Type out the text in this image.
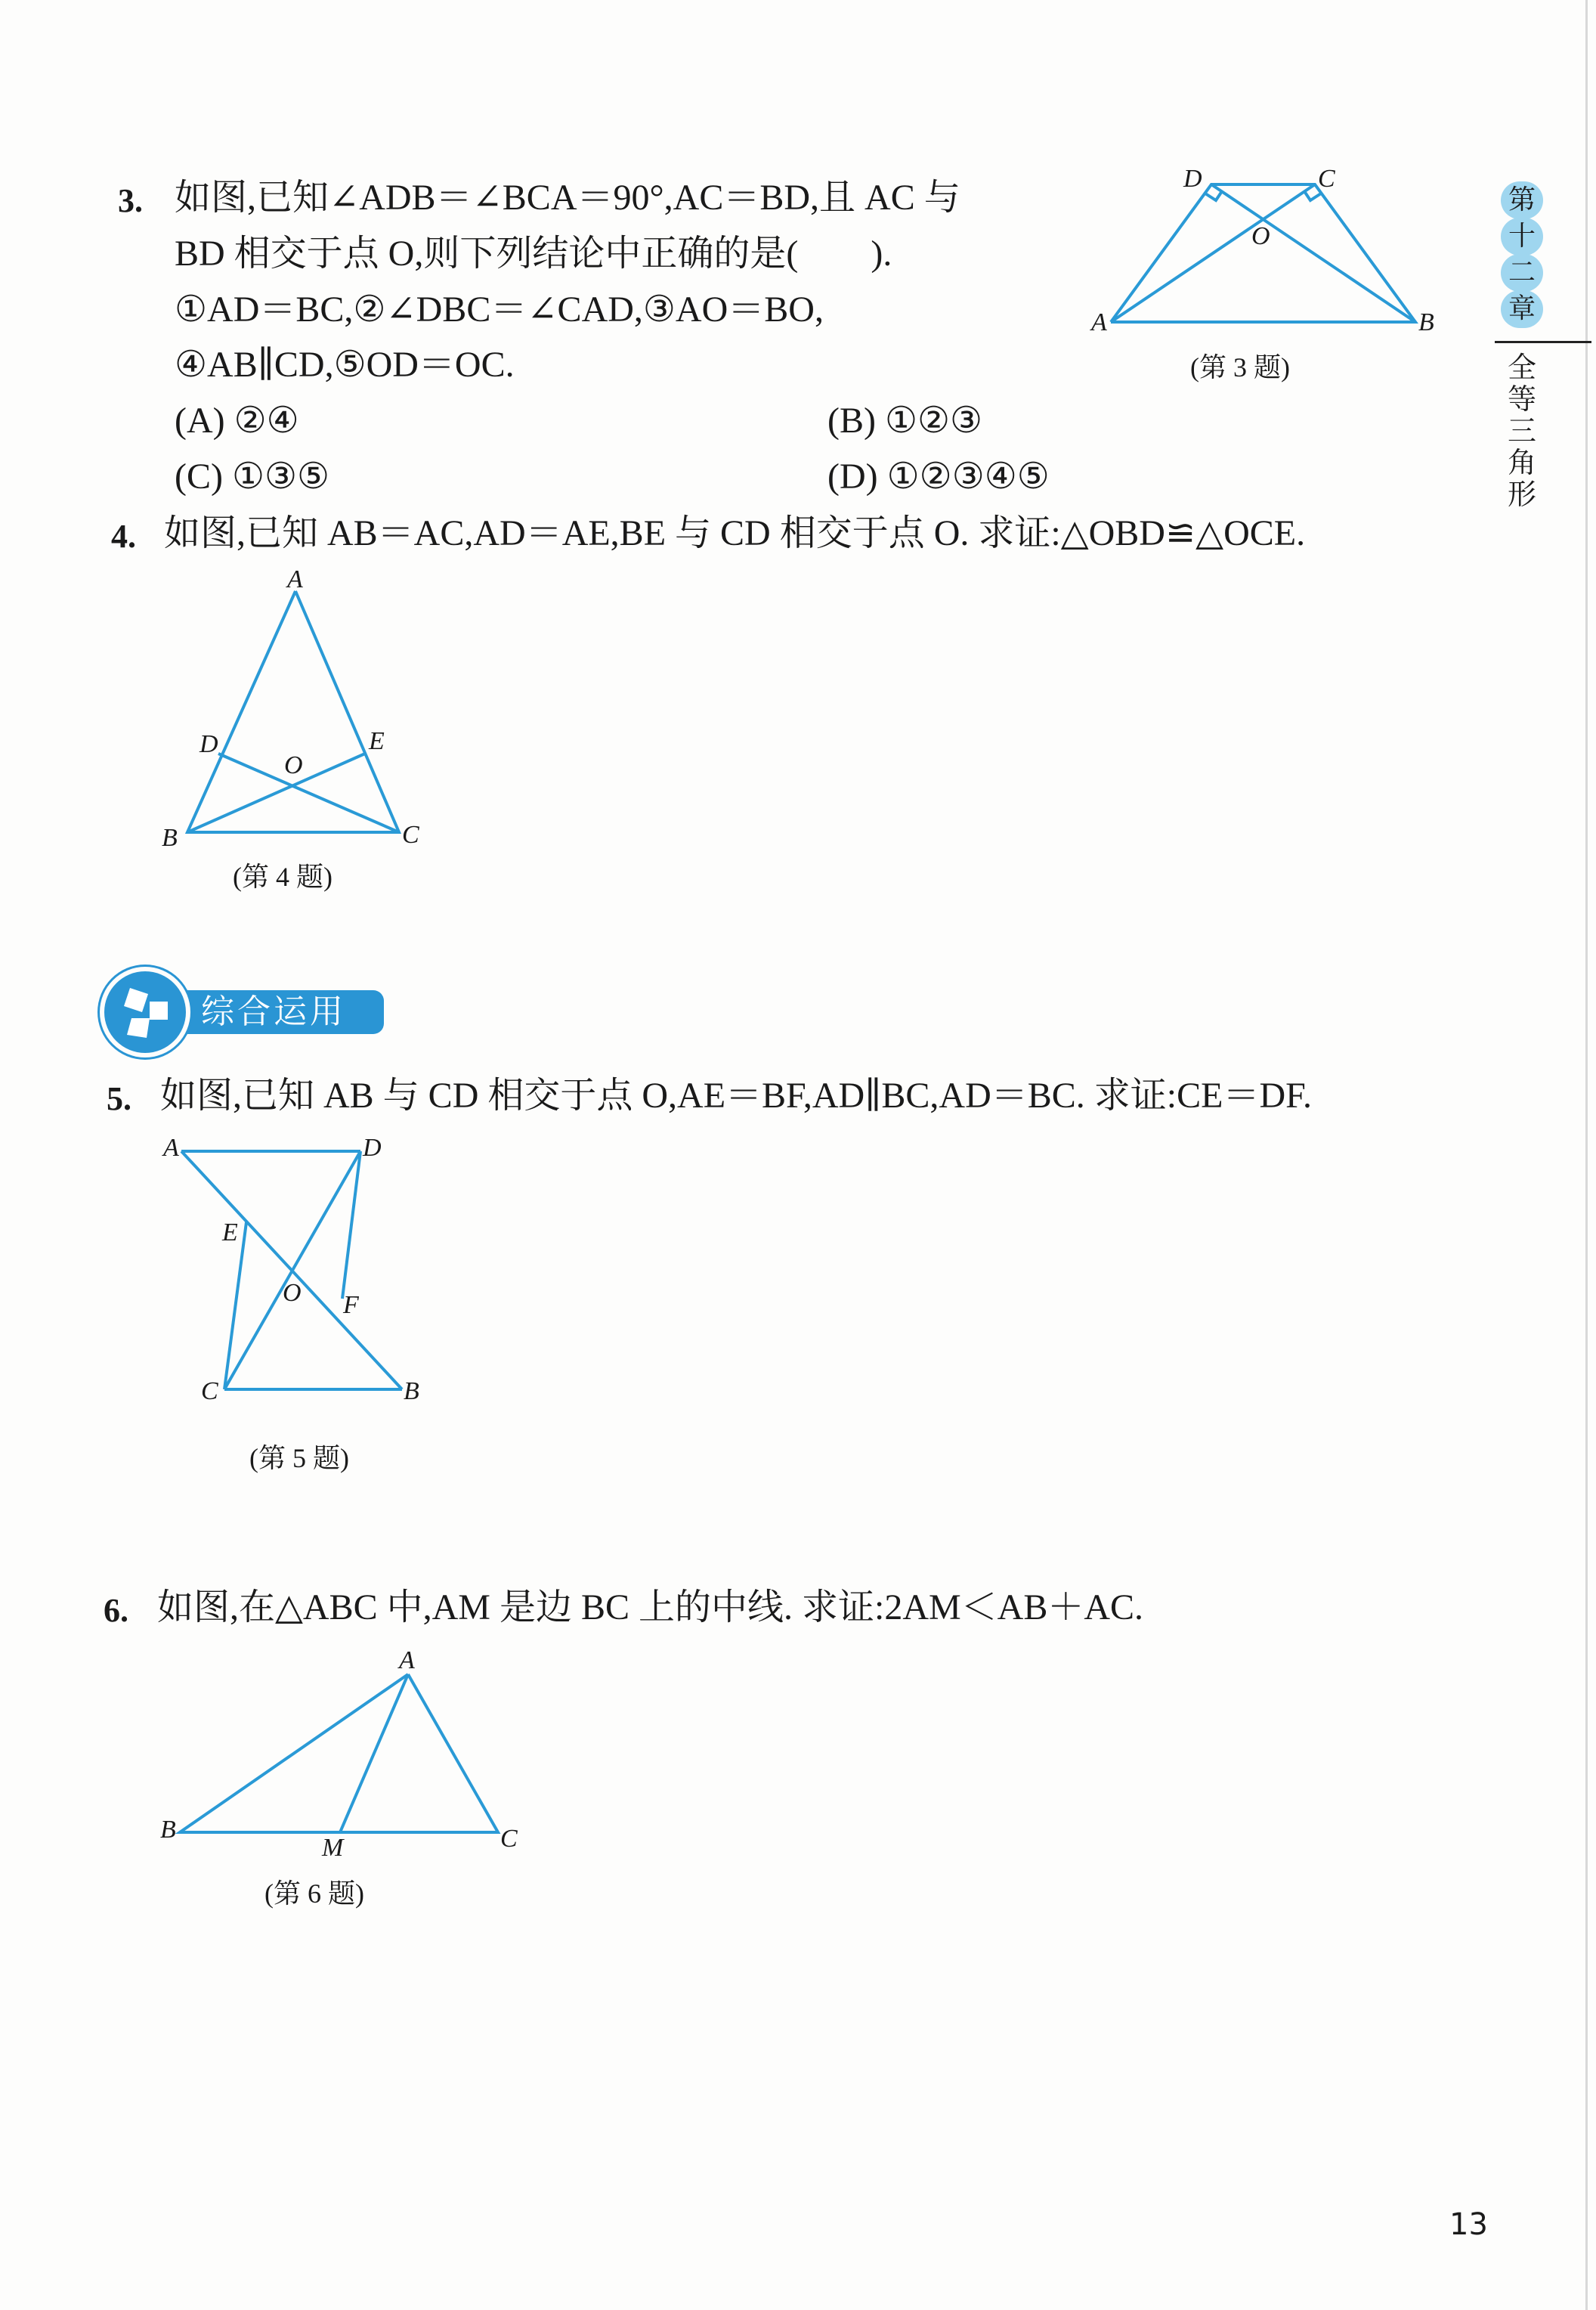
第
十
二
章
全
等
三
角
形
3. 如图,已知∠ADB＝∠BCA＝90°,AC＝BD,且 AC 与
BD 相交于点 O,则下列结论中正确的是(　　).
①AD＝BC,②∠DBC＝∠CAD,③AO＝BO,
④AB∥CD,⑤OD＝OC.
(A) ②④	(B) ①②③
(C) ①③⑤	(D) ①②③④⑤
D	C
A	B
O
(第 3 题)
4. 如图,已知 AB＝AC,AD＝AE,BE 与 CD 相交于点 O. 求证:△OBD≌△OCE.
A
D	E
O
B	C
(第 4 题)
综合运用
5. 如图,已知 AB 与 CD 相交于点 O,AE＝BF,AD∥BC,AD＝BC. 求证:CE＝DF.
A	D
E
O F
C	B
(第 5 题)
6. 如图,在△ABC 中,AM 是边 BC 上的中线. 求证:2AM＜AB＋AC.
A
B
M	C
(第 6 题)
13
